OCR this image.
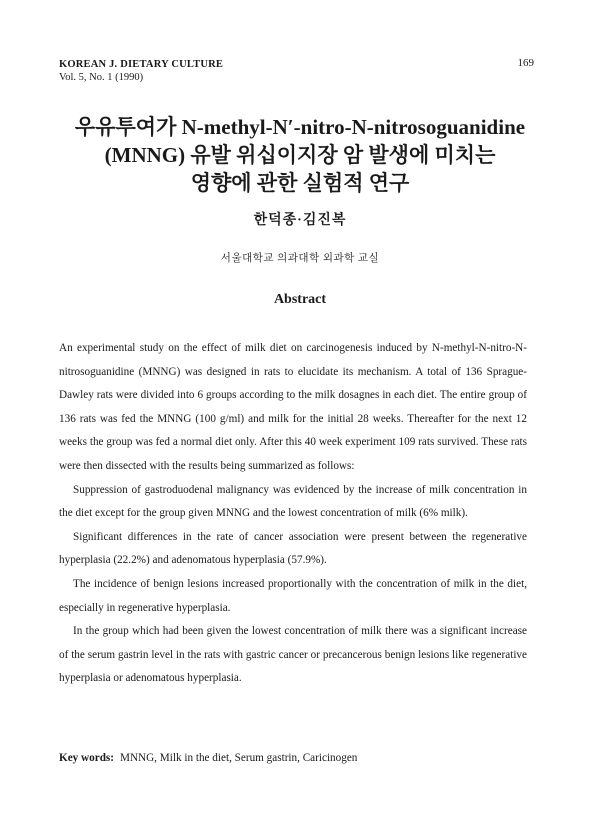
KOREAN J. DIETARY CULTURE
Vol. 5, No. 1 (1990)
169
우유투여가 N-methyl-N′-nitro-N-nitrosoguanidine
(MNNG) 유발 위십이지장 암 발생에 미치는
영향에 관한 실험적 연구
한덕종·김진복
서울대학교 의과대학 외과학 교실
Abstract

An experimental study on the effect of milk diet on carcinogenesis induced by N-methyl-N-nitro-N-nitrosoguanidine (MNNG) was designed in rats to elucidate its mechanism. A total of 136 Sprague-Dawley rats were divided into 6 groups according to the milk dosagnes in each diet. The entire group of 136 rats was fed the MNNG (100 g/ml) and milk for the initial 28 weeks. Thereafter for the next 12 weeks the group was fed a normal diet only. After this 40 week experiment 109 rats survived. These rats were then dissected with the results being summarized as follows:

Suppression of gastroduodenal malignancy was evidenced by the increase of milk concentration in the diet except for the group given MNNG and the lowest concentration of milk (6% milk).

Significant differences in the rate of cancer association were present between the regenerative hyperplasia (22.2%) and adenomatous hyperplasia (57.9%).

The incidence of benign lesions increased proportionally with the concentration of milk in the diet, especially in regenerative hyperplasia.

In the group which had been given the lowest concentration of milk there was a significant increase of the serum gastrin level in the rats with gastric cancer or precancerous benign lesions like regenerative hyperplasia or adenomatous hyperplasia.

Key words: MNNG, Milk in the diet, Serum gastrin, Caricinogen
